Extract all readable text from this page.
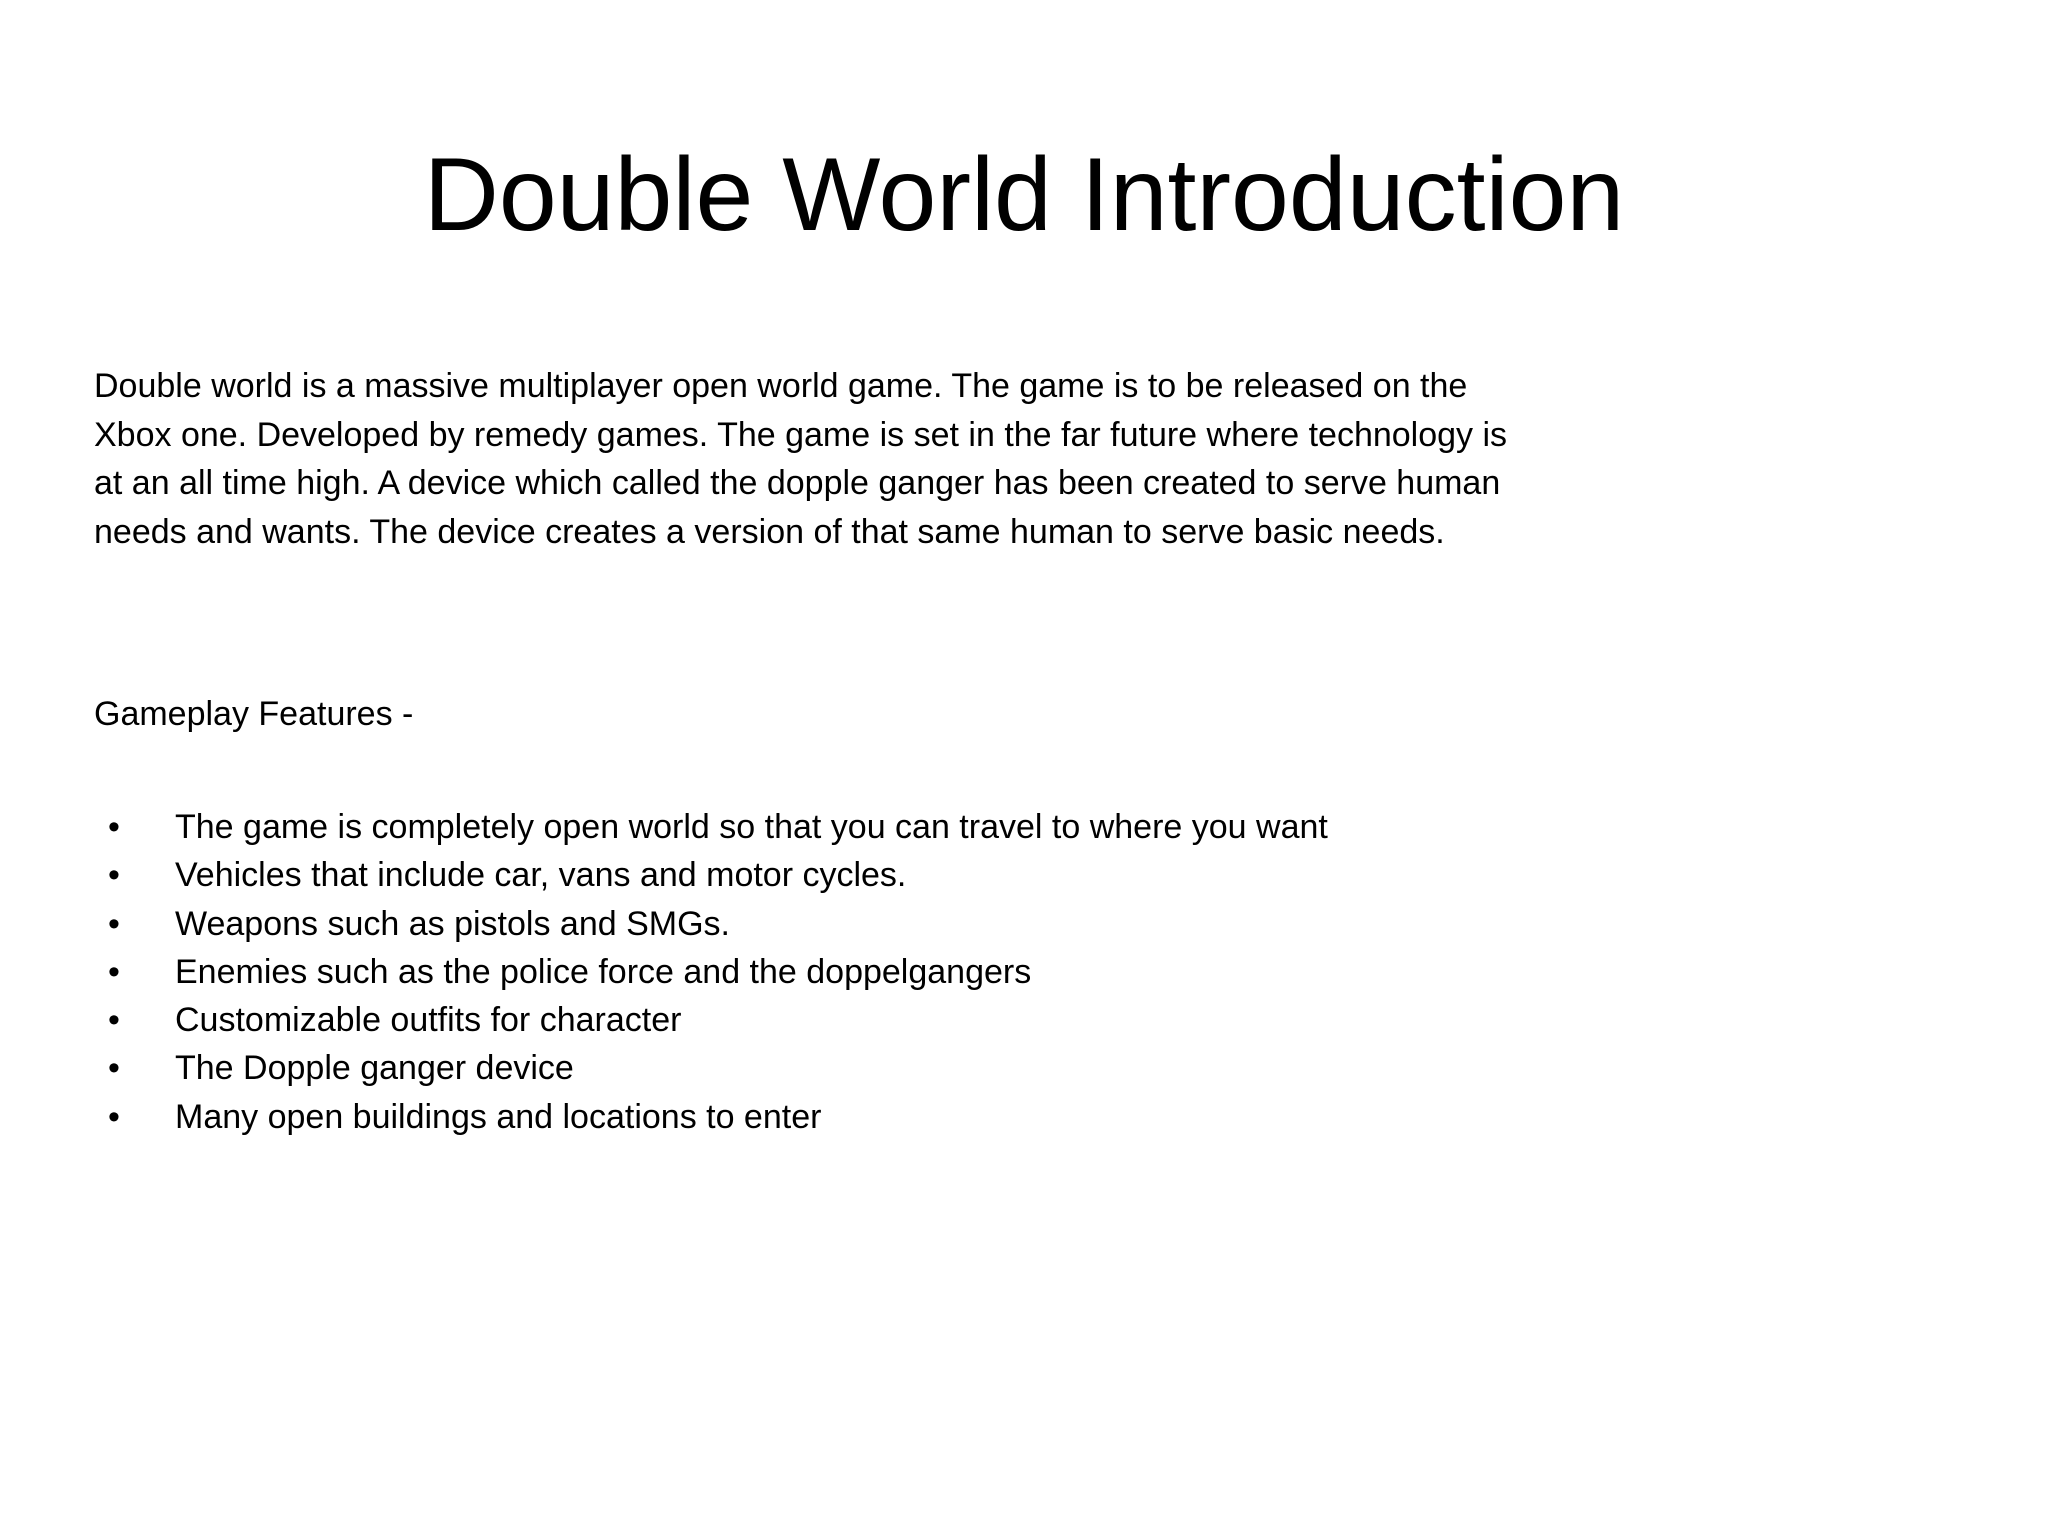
Double World Introduction

Double world is a massive multiplayer open world game. The game is to be released on the
Xbox one. Developed by remedy games. The game is set in the far future where technology is
at an all time high. A device which called the dopple ganger has been created to serve human
needs and wants. The device creates a version of that same human to serve basic needs.

Gameplay Features -

• The game is completely open world so that you can travel to where you want
• Vehicles that include car, vans and motor cycles.
• Weapons such as pistols and SMGs.
• Enemies such as the police force and the doppelgangers
• Customizable outfits for character
• The Dopple ganger device
• Many open buildings and locations to enter
